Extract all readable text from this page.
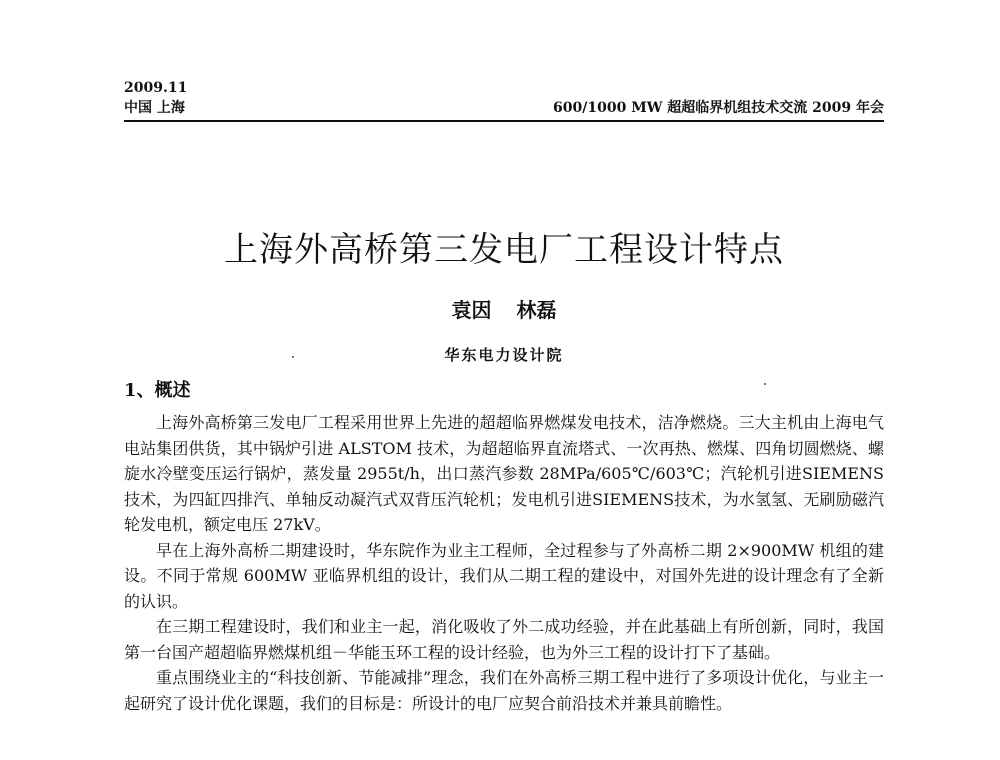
2009.11
中国 上海	600/1000 MW 超超临界机组技术交流 2009 年会
上海外高桥第三发电厂工程设计特点
袁因 林磊
华东电力设计院
1、概述

上海外高桥第三发电厂工程采用世界上先进的超超临界燃煤发电技术，洁净燃烧。三大主机由上海电气电站集团供货，其中锅炉引进 ALSTOM 技术，为超超临界直流塔式、一次再热、燃煤、四角切圆燃烧、螺旋水冷壁变压运行锅炉，蒸发量 2955t/h，出口蒸汽参数 28MPa/605℃/603℃；汽轮机引进SIEMENS技术，为四缸四排汽、单轴反动凝汽式双背压汽轮机；发电机引进SIEMENS技术，为水氢氢、无刷励磁汽轮发电机，额定电压 27kV。

早在上海外高桥二期建设时，华东院作为业主工程师，全过程参与了外高桥二期 2×900MW 机组的建设。不同于常规 600MW 亚临界机组的设计，我们从二期工程的建设中，对国外先进的设计理念有了全新的认识。

在三期工程建设时，我们和业主一起，消化吸收了外二成功经验，并在此基础上有所创新，同时，我国第一台国产超超临界燃煤机组－华能玉环工程的设计经验，也为外三工程的设计打下了基础。

重点围绕业主的“科技创新、节能减排”理念，我们在外高桥三期工程中进行了多项设计优化，与业主一起研究了设计优化课题，我们的目标是：所设计的电厂应契合前沿技术并兼具前瞻性。
